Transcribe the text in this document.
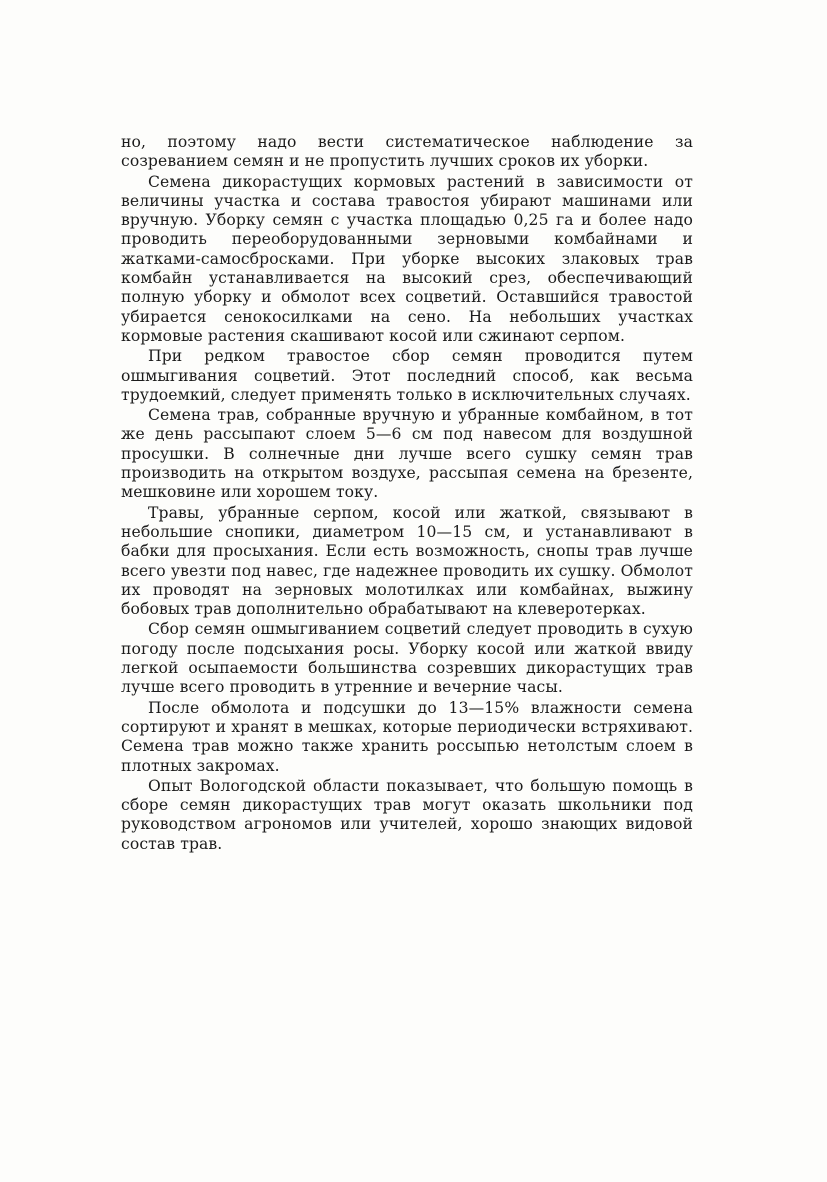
но, поэтому надо вести систематическое наблюдение за созреванием семян и не пропустить лучших сроков их уборки.

Семена дикорастущих кормовых растений в зависимости от величины участка и состава травостоя убирают машинами или вручную. Уборку семян с участка площадью 0,25 га и более надо проводить переоборудованными зерновыми комбайнами и жатками-самосбросками. При уборке высоких злаковых трав комбайн устанавливается на высокий срез, обеспечивающий полную уборку и обмолот всех соцветий. Оставшийся травостой убирается сенокосилками на сено. На небольших участках кормовые растения скашивают косой или сжинают серпом.

При редком травостое сбор семян проводится путем ошмыгивания соцветий. Этот последний способ, как весьма трудоемкий, следует применять только в исключительных случаях.

Семена трав, собранные вручную и убранные комбайном, в тот же день рассыпают слоем 5—6 см под навесом для воздушной просушки. В солнечные дни лучше всего сушку семян трав производить на открытом воздухе, рассыпая семена на брезенте, мешковине или хорошем току.

Травы, убранные серпом, косой или жаткой, связывают в небольшие снопики, диаметром 10—15 см, и устанавливают в бабки для просыхания. Если есть возможность, снопы трав лучше всего увезти под навес, где надежнее проводить их сушку. Обмолот их проводят на зерновых молотилках или комбайнах, выжину бобовых трав дополнительно обрабатывают на клеверотерках.

Сбор семян ошмыгиванием соцветий следует проводить в сухую погоду после подсыхания росы. Уборку косой или жаткой ввиду легкой осыпаемости большинства созревших дикорастущих трав лучше всего проводить в утренние и вечерние часы.

После обмолота и подсушки до 13—15% влажности семена сортируют и хранят в мешках, которые периодически встряхивают. Семена трав можно также хранить россыпью нетолстым слоем в плотных закромах.

Опыт Вологодской области показывает, что большую помощь в сборе семян дикорастущих трав могут оказать школьники под руководством агрономов или учителей, хорошо знающих видовой состав трав.
